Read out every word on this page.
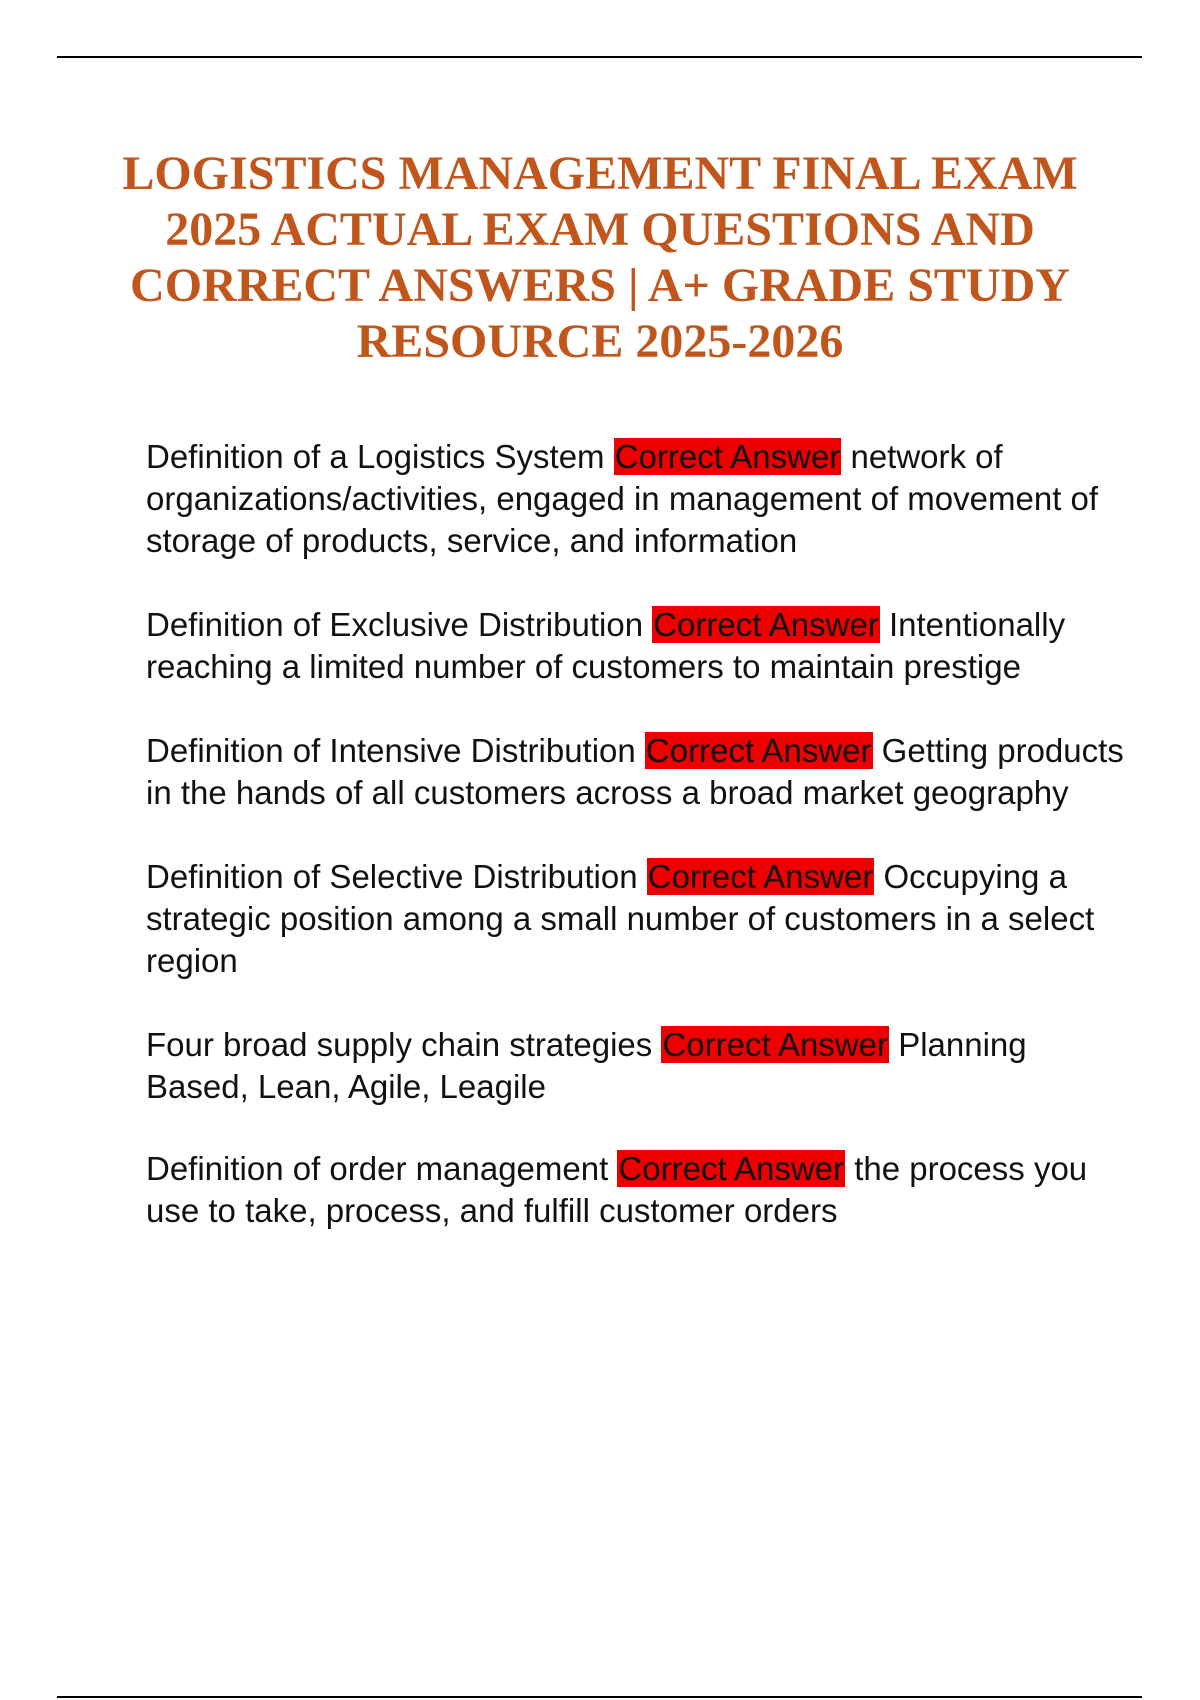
LOGISTICS MANAGEMENT FINAL EXAM 2025 ACTUAL EXAM QUESTIONS AND CORRECT ANSWERS | A+ GRADE STUDY RESOURCE 2025-2026
Definition of a Logistics System Correct Answer network of organizations/activities, engaged in management of movement of storage of products, service, and information
Definition of Exclusive Distribution Correct Answer Intentionally reaching a limited number of customers to maintain prestige
Definition of Intensive Distribution Correct Answer Getting products in the hands of all customers across a broad market geography
Definition of Selective Distribution Correct Answer Occupying a strategic position among a small number of customers in a select region
Four broad supply chain strategies Correct Answer Planning Based, Lean, Agile, Leagile
Definition of order management Correct Answer the process you use to take, process, and fulfill customer orders
